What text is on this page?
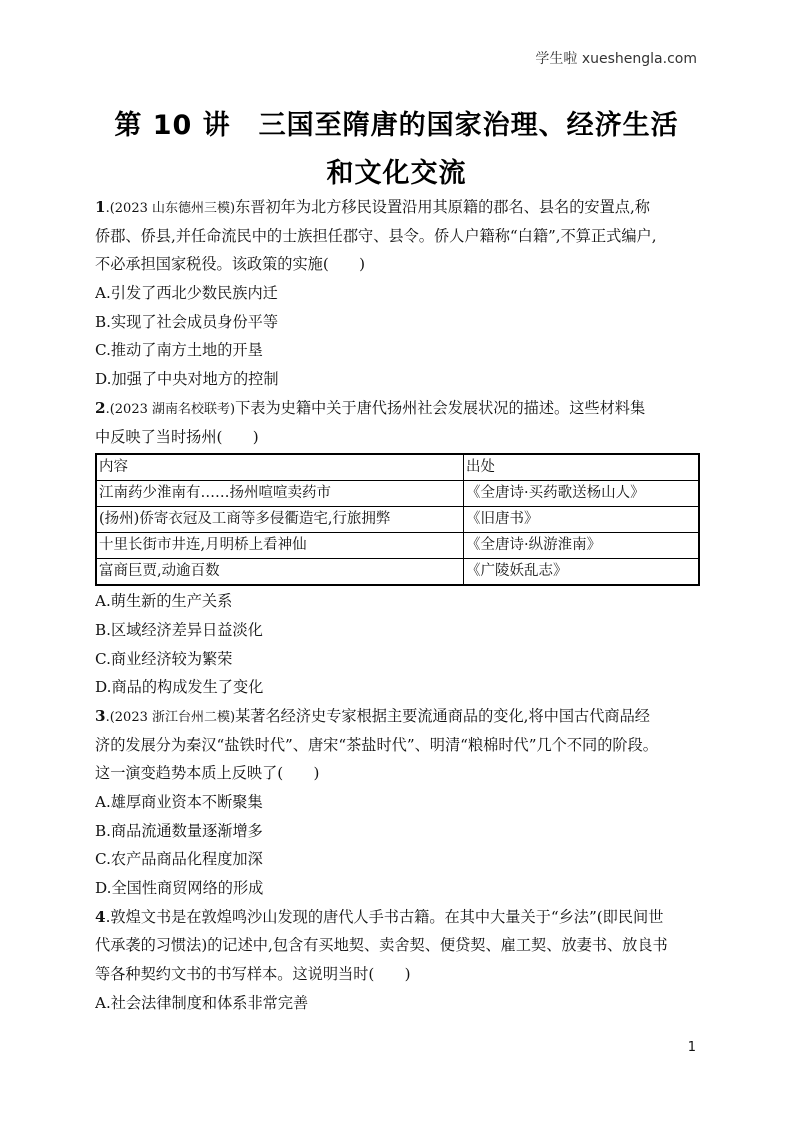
学生啦 xueshengla.com
第 10 讲　三国至隋唐的国家治理、经济生活
和文化交流
1.(2023 山东德州三模)东晋初年为北方移民设置沿用其原籍的郡名、县名的安置点,称
侨郡、侨县,并任命流民中的士族担任郡守、县令。侨人户籍称“白籍”,不算正式编户,
不必承担国家税役。该政策的实施(　　)
A.引发了西北少数民族内迁
B.实现了社会成员身份平等
C.推动了南方土地的开垦
D.加强了中央对地方的控制
2.(2023 湖南名校联考)下表为史籍中关于唐代扬州社会发展状况的描述。这些材料集
中反映了当时扬州(　　)
内容	出处
江南药少淮南有……扬州喧喧卖药市	《全唐诗·买药歌送杨山人》
(扬州)侨寄衣冠及工商等多侵衢造宅,行旅拥弊	《旧唐书》
十里长街市井连,月明桥上看神仙	《全唐诗·纵游淮南》
富商巨贾,动逾百数	《广陵妖乱志》
A.萌生新的生产关系
B.区域经济差异日益淡化
C.商业经济较为繁荣
D.商品的构成发生了变化
3.(2023 浙江台州二模)某著名经济史专家根据主要流通商品的变化,将中国古代商品经
济的发展分为秦汉“盐铁时代”、唐宋“茶盐时代”、明清“粮棉时代”几个不同的阶段。
这一演变趋势本质上反映了(　　)
A.雄厚商业资本不断聚集
B.商品流通数量逐渐增多
C.农产品商品化程度加深
D.全国性商贸网络的形成
4.敦煌文书是在敦煌鸣沙山发现的唐代人手书古籍。在其中大量关于“乡法”(即民间世
代承袭的习惯法)的记述中,包含有买地契、卖舍契、便贷契、雇工契、放妻书、放良书
等各种契约文书的书写样本。这说明当时(　　)
A.社会法律制度和体系非常完善
1
